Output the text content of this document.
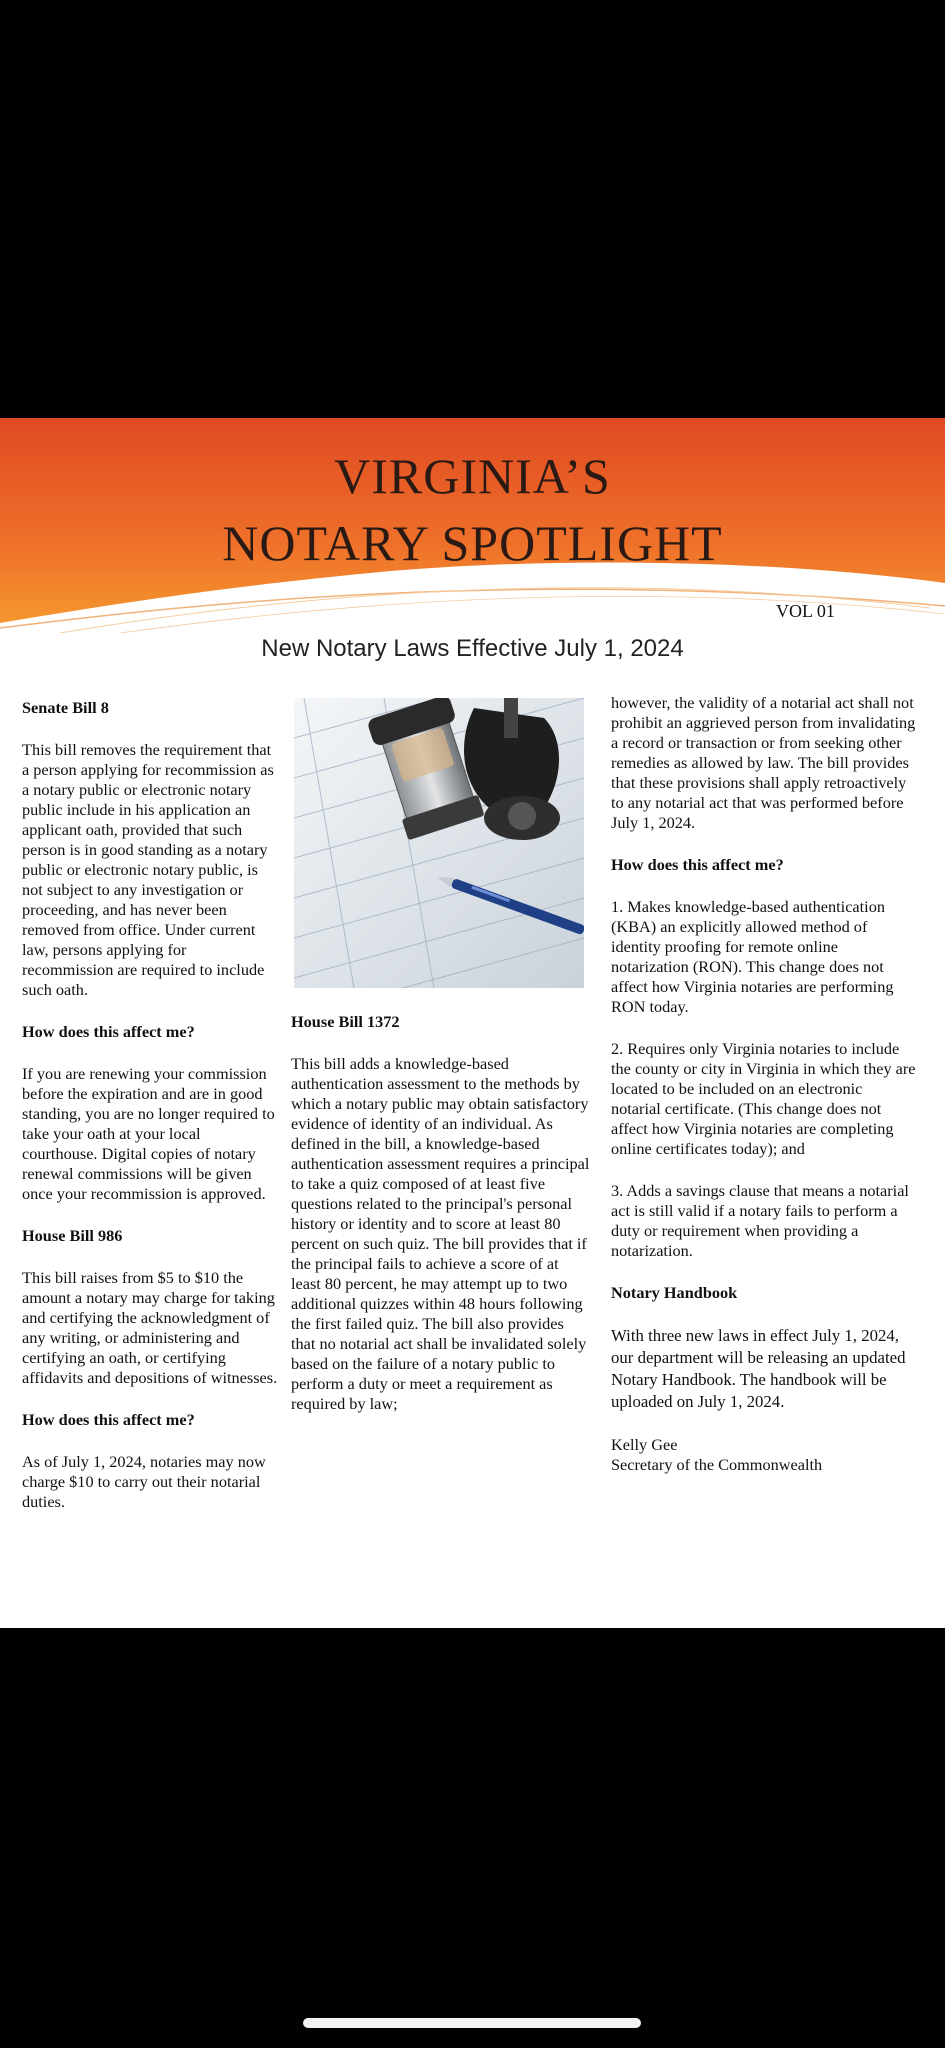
VIRGINIA’S
NOTARY SPOTLIGHT
VOL 01
New Notary Laws Effective July 1, 2024

Senate Bill 8

This bill removes the requirement that a person applying for recommission as a notary public or electronic notary public include in his application an applicant oath, provided that such person is in good standing as a notary public or electronic notary public, is not subject to any investigation or proceeding, and has never been removed from office. Under current law, persons applying for recommission are required to include such oath.

How does this affect me?

If you are renewing your commission before the expiration and are in good standing, you are no longer required to take your oath at your local courthouse. Digital copies of notary renewal commissions will be given once your recommission is approved.

House Bill 986

This bill raises from $5 to $10 the amount a notary may charge for taking and certifying the acknowledgment of any writing, or administering and certifying an oath, or certifying affidavits and depositions of witnesses.

How does this affect me?

As of July 1, 2024, notaries may now charge $10 to carry out their notarial duties.

House Bill 1372

This bill adds a knowledge-based authentication assessment to the methods by which a notary public may obtain satisfactory evidence of identity of an individual. As defined in the bill, a knowledge-based authentication assessment requires a principal to take a quiz composed of at least five questions related to the principal's personal history or identity and to score at least 80 percent on such quiz. The bill provides that if the principal fails to achieve a score of at least 80 percent, he may attempt up to two additional quizzes within 48 hours following the first failed quiz. The bill also provides that no notarial act shall be invalidated solely based on the failure of a notary public to perform a duty or meet a requirement as required by law;

however, the validity of a notarial act shall not prohibit an aggrieved person from invalidating a record or transaction or from seeking other remedies as allowed by law. The bill provides that these provisions shall apply retroactively to any notarial act that was performed before July 1, 2024.

How does this affect me?

1. Makes knowledge-based authentication (KBA) an explicitly allowed method of identity proofing for remote online notarization (RON). This change does not affect how Virginia notaries are performing RON today.

2. Requires only Virginia notaries to include the county or city in Virginia in which they are located to be included on an electronic notarial certificate. (This change does not affect how Virginia notaries are completing online certificates today); and

3. Adds a savings clause that means a notarial act is still valid if a notary fails to perform a duty or requirement when providing a notarization.

Notary Handbook

With three new laws in effect July 1, 2024, our department will be releasing an updated Notary Handbook. The handbook will be uploaded on July 1, 2024.

Kelly Gee

Secretary of the Commonwealth
